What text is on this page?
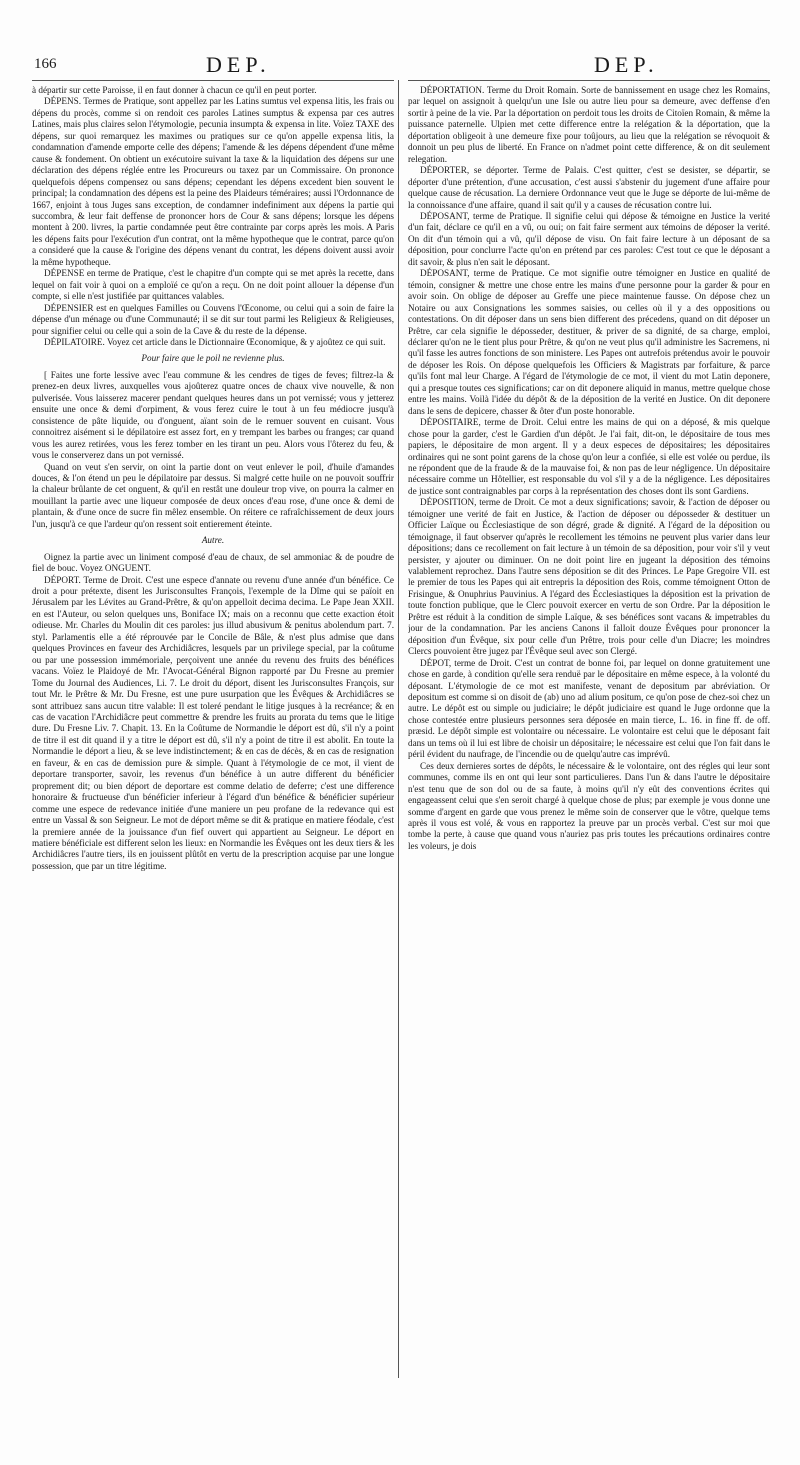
166	DEP.	DEP.

à départir sur cette Paroisse, il en faut donner à chacun ce qu'il en peut porter.

DÉPENS. Termes de Pratique, sont appellez par les Latins sumtus vel expensa litis, les frais ou dépens du procès, comme si on rendoit ces paroles Latines sumptus & expensa par ces autres Latines, mais plus claires selon l'étymologie, pecunia insumpta & expensa in lite. Voïez TAXE des dépens, sur quoi remarquez les maximes ou pratiques sur ce qu'on appelle expensa litis, la condamnation d'amende emporte celle des dépens; l'amende & les dépens dépendent d'une même cause & fondement. On obtient un exécutoire suivant la taxe & la liquidation des dépens sur une déclaration des dépens réglée entre les Procureurs ou taxez par un Commissaire. On prononce quelquefois dépens compensez ou sans dépens; cependant les dépens excedent bien souvent le principal; la condamnation des dépens est la peine des Plaideurs téméraires; aussi l'Ordonnance de 1667, enjoint à tous Juges sans exception, de condamner indefiniment aux dépens la partie qui succombra, & leur fait deffense de prononcer hors de Cour & sans dépens; lorsque les dépens montent à 200. livres, la partie condamnée peut être contrainte par corps après les mois. A Paris les dépens faits pour l'exécution d'un contrat, ont la même hypotheque que le contrat, parce qu'on a consideré que la cause & l'origine des dépens venant du contrat, les dépens doivent aussi avoir la même hypotheque.

DÉPENSE en terme de Pratique, c'est le chapitre d'un compte qui se met après la recette, dans lequel on fait voir à quoi on a emploïé ce qu'on a reçu. On ne doit point allouer la dépense d'un compte, si elle n'est justifiée par quittances valables.

DÉPENSIER est en quelques Familles ou Couvens l'Œconome, ou celui qui a soin de faire la dépense d'un ménage ou d'une Communauté; il se dit sur tout parmi les Religieux & Religieuses, pour signifier celui ou celle qui a soin de la Cave & du reste de la dépense.

DÉPILATOIRE. Voyez cet article dans le Dictionnaire Œconomique, & y ajoûtez ce qui suit.

Pour faire que le poil ne revienne plus.

[ Faites une forte lessive avec l'eau commune & les cendres de tiges de feves; filtrez-la & prenez-en deux livres, auxquelles vous ajoûterez quatre onces de chaux vive nouvelle, & non pulverisée. Vous laisserez macerer pendant quelques heures dans un pot vernissé; vous y jetterez ensuite une once & demi d'orpiment, & vous ferez cuire le tout à un feu médiocre jusqu'à consistence de pâte liquide, ou d'onguent, aïant soin de le remuer souvent en cuisant. Vous connoitrez aisément si le dépilatoire est assez fort, en y trempant les barbes ou franges; car quand vous les aurez retirées, vous les ferez tomber en les tirant un peu. Alors vous l'ôterez du feu, & vous le conserverez dans un pot vernissé.

Quand on veut s'en servir, on oint la partie dont on veut enlever le poil, d'huile d'amandes douces, & l'on étend un peu le dépilatoire par dessus. Si malgré cette huile on ne pouvoit souffrir la chaleur brûlante de cet onguent, & qu'il en restât une douleur trop vive, on pourra la calmer en mouillant la partie avec une liqueur composée de deux onces d'eau rose, d'une once & demi de plantain, & d'une once de sucre fin mêlez ensemble. On réitere ce rafraîchissement de deux jours l'un, jusqu'à ce que l'ardeur qu'on ressent soit entierement éteinte.

Autre.

Oignez la partie avec un liniment composé d'eau de chaux, de sel ammoniac & de poudre de fiel de bouc. Voyez ONGUENT.

DÉPORT. Terme de Droit. C'est une espece d'annate ou revenu d'une année d'un bénéfice. Ce droit a pour prétexte, disent les Jurisconsultes François, l'exemple de la Dîme qui se païoit en Jérusalem par les Lévites au Grand-Prêtre, & qu'on appelloit decima decima. Le Pape Jean XXII. en est l'Auteur, ou selon quelques uns, Boniface IX; mais on a reconnu que cette exaction étoit odieuse. Mr. Charles du Moulin dit ces paroles: jus illud abusivum & penitus abolendum part. 7. styl. Parlamentis elle a été réprouvée par le Concile de Bâle, & n'est plus admise que dans quelques Provinces en faveur des Archidiâcres, lesquels par un privilege special, par la coûtume ou par une possession immémoriale, perçoivent une année du revenu des fruits des bénéfices vacans. Voïez le Plaidoyé de Mr. l'Avocat-Général Bignon rapporté par Du Fresne au premier Tome du Journal des Audiences, Li. 7. Le droit du déport, disent les Jurisconsultes François, sur tout Mr. le Prêtre & Mr. Du Fresne, est une pure usurpation que les Évêques & Archidiâcres se sont attribuez sans aucun titre valable: Il est toleré pendant le litige jusques à la recréance; & en cas de vacation l'Archidiâcre peut commettre & prendre les fruits au prorata du tems que le litige dure. Du Fresne Liv. 7. Chapit. 13. En la Coûtume de Normandie le déport est dû, s'il n'y a point de titre il est dit quand il y a titre le déport est dû, s'il n'y a point de titre il est abolit. En toute la Normandie le déport a lieu, & se leve indistinctement; & en cas de décès, & en cas de resignation en faveur, & en cas de demission pure & simple. Quant à l'étymologie de ce mot, il vient de deportare transporter, savoir, les revenus d'un bénéfice à un autre different du bénéficier proprement dit; ou bien déport de deportare est comme delatio de deferre; c'est une difference honoraire & fructueuse d'un bénéficier inferieur à l'égard d'un bénéfice & bénéficier supérieur comme une espece de redevance initiée d'une maniere un peu profane de la redevance qui est entre un Vassal & son Seigneur. Le mot de déport même se dit & pratique en matiere féodale, c'est la premiere année de la jouissance d'un fief ouvert qui appartient au Seigneur. Le déport en matiere bénéficiale est different selon les lieux: en Normandie les Évêques ont les deux tiers & les Archidiâcres l'autre tiers, ils en jouissent plûtôt en vertu de la prescription acquise par une longue possession, que par un titre légitime.

DÉPORTATION. Terme du Droit Romain. Sorte de bannissement en usage chez les Romains, par lequel on assignoit à quelqu'un une Isle ou autre lieu pour sa demeure, avec deffense d'en sortir à peine de la vie. Par la déportation on perdoit tous les droits de Citoïen Romain, & même la puissance paternelle. Ulpien met cette difference entre la relégation & la déportation, que la déportation obligeoit à une demeure fixe pour toûjours, au lieu que la relégation se révoquoit & donnoit un peu plus de liberté. En France on n'admet point cette difference, & on dit seulement relegation.

DÉPORTER, se déporter. Terme de Palais. C'est quitter, c'est se desister, se départir, se déporter d'une prétention, d'une accusation, c'est aussi s'abstenir du jugement d'une affaire pour quelque cause de récusation. La derniere Ordonnance veut que le Juge se déporte de lui-même de la connoissance d'une affaire, quand il sait qu'il y a causes de récusation contre lui.

DÉPOSANT, terme de Pratique. Il signifie celui qui dépose & témoigne en Justice la verité d'un fait, déclare ce qu'il en a vû, ou oui; on fait faire serment aux témoins de déposer la verité. On dit d'un témoin qui a vû, qu'il dépose de visu. On fait faire lecture à un déposant de sa déposition, pour conclurre l'acte qu'on en prétend par ces paroles: C'est tout ce que le déposant a dit savoir, & plus n'en sait le déposant.

DÉPOSANT, terme de Pratique. Ce mot signifie outre témoigner en Justice en qualité de témoin, consigner & mettre une chose entre les mains d'une personne pour la garder & pour en avoir soin. On oblige de déposer au Greffe une piece maintenue fausse. On dépose chez un Notaire ou aux Consignations les sommes saisies, ou celles où il y a des oppositions ou contestations. On dit déposer dans un sens bien different des précedens, quand on dit déposer un Prêtre, car cela signifie le déposseder, destituer, & priver de sa dignité, de sa charge, emploi, déclarer qu'on ne le tient plus pour Prêtre, & qu'on ne veut plus qu'il administre les Sacremens, ni qu'il fasse les autres fonctions de son ministere. Les Papes ont autrefois prétendus avoir le pouvoir de déposer les Rois. On dépose quelquefois les Officiers & Magistrats par forfaiture, & parce qu'ils font mal leur Charge. A l'égard de l'étymologie de ce mot, il vient du mot Latin deponere, qui a presque toutes ces significations; car on dit deponere aliquid in manus, mettre quelque chose entre les mains. Voilà l'idée du dépôt & de la déposition de la verité en Justice. On dit deponere dans le sens de depicere, chasser & ôter d'un poste honorable.

DÉPOSITAIRE, terme de Droit. Celui entre les mains de qui on a déposé, & mis quelque chose pour la garder, c'est le Gardien d'un dépôt. Je l'ai fait, dit-on, le dépositaire de tous mes papiers, le dépositaire de mon argent. Il y a deux especes de dépositaires; les dépositaires ordinaires qui ne sont point garens de la chose qu'on leur a confiée, si elle est volée ou perdue, ils ne répondent que de la fraude & de la mauvaise foi, & non pas de leur négligence. Un dépositaire nécessaire comme un Hôtellier, est responsable du vol s'il y a de la négligence. Les dépositaires de justice sont contraignables par corps à la représentation des choses dont ils sont Gardiens.

DÉPOSITION, terme de Droit. Ce mot a deux significations; savoir, & l'action de déposer ou témoigner une verité de fait en Justice, & l'action de déposer ou déposseder & destituer un Officier Laïque ou Écclesiastique de son dégré, grade & dignité. A l'égard de la déposition ou témoignage, il faut observer qu'après le recollement les témoins ne peuvent plus varier dans leur dépositions; dans ce recollement on fait lecture à un témoin de sa déposition, pour voir s'il y veut persister, y ajouter ou diminuer. On ne doit point lire en jugeant la déposition des témoins valablement reprochez. Dans l'autre sens déposition se dit des Princes. Le Pape Gregoire VII. est le premier de tous les Papes qui ait entrepris la déposition des Rois, comme témoignent Otton de Frisingue, & Onuphrius Pauvinius. A l'égard des Écclesiastiques la déposition est la privation de toute fonction publique, que le Clerc pouvoit exercer en vertu de son Ordre. Par la déposition le Prêtre est réduit à la condition de simple Laïque, & ses bénéfices sont vacans & impetrables du jour de la condamnation. Par les anciens Canons il falloit douze Évêques pour prononcer la déposition d'un Évêque, six pour celle d'un Prêtre, trois pour celle d'un Diacre; les moindres Clercs pouvoient être jugez par l'Évêque seul avec son Clergé.

DÉPOT, terme de Droit. C'est un contrat de bonne foi, par lequel on donne gratuitement une chose en garde, à condition qu'elle sera renduë par le dépositaire en même espece, à la volonté du déposant. L'étymologie de ce mot est manifeste, venant de depositum par abréviation. Or depositum est comme si on disoit de (ab) uno ad alium positum, ce qu'on pose de chez-soi chez un autre. Le dépôt est ou simple ou judiciaire; le dépôt judiciaire est quand le Juge ordonne que la chose contestée entre plusieurs personnes sera déposée en main tierce, L. 16. in fine ff. de off. præsid. Le dépôt simple est volontaire ou nécessaire. Le volontaire est celui que le déposant fait dans un tems où il lui est libre de choisir un dépositaire; le nécessaire est celui que l'on fait dans le péril évident du naufrage, de l'incendie ou de quelqu'autre cas imprévû.

Ces deux dernieres sortes de dépôts, le nécessaire & le volontaire, ont des régles qui leur sont communes, comme ils en ont qui leur sont particulieres. Dans l'un & dans l'autre le dépositaire n'est tenu que de son dol ou de sa faute, à moins qu'il n'y eût des conventions écrites qui engageassent celui que s'en seroit chargé à quelque chose de plus; par exemple je vous donne une somme d'argent en garde que vous prenez le même soin de conserver que le vôtre, quelque tems après il vous est volé, & vous en rapportez la preuve par un procès verbal. C'est sur moi que tombe la perte, à cause que quand vous n'auriez pas pris toutes les précautions ordinaires contre les voleurs, je dois
